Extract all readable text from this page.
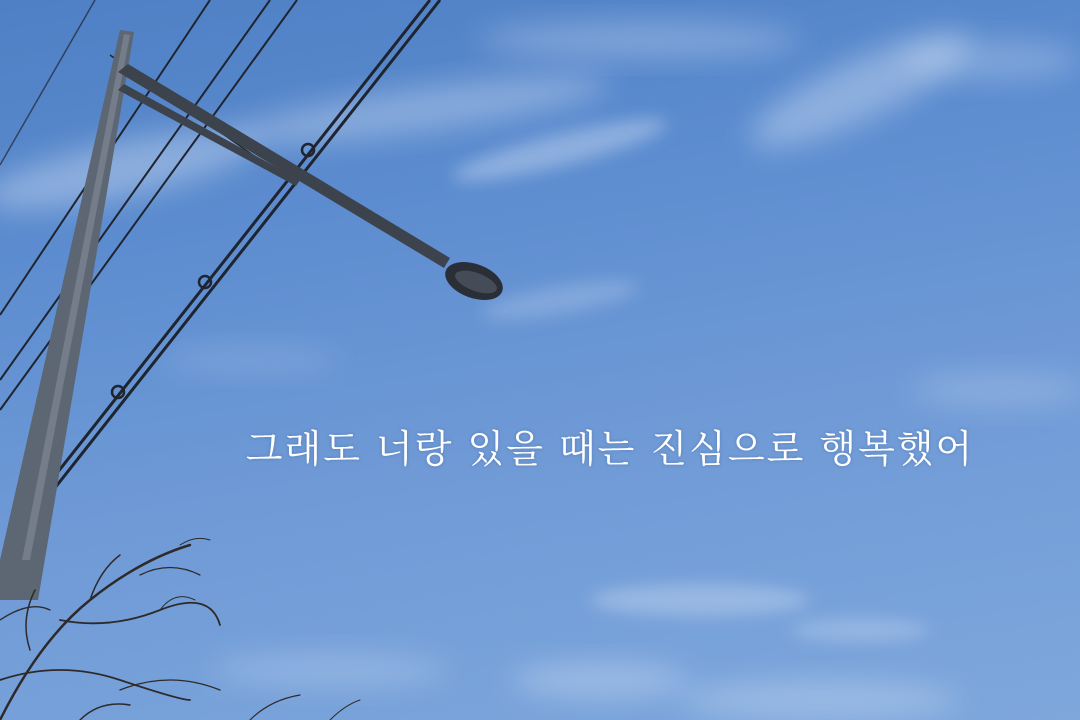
그래도 너랑 있을 때는 진심으로 행복했어
